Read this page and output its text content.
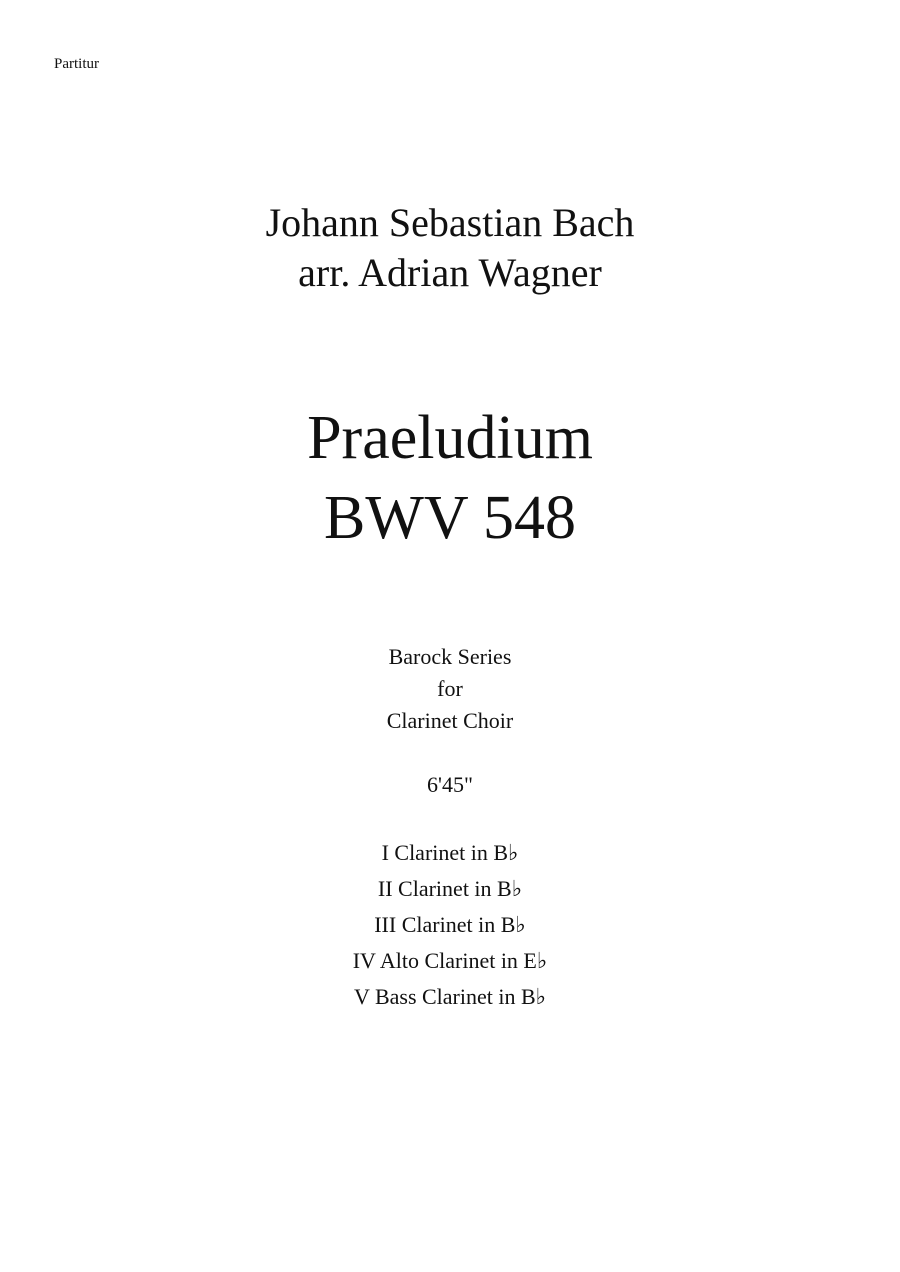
Partitur
Johann Sebastian Bach
arr. Adrian Wagner
Praeludium
BWV 548
Barock Series
for
Clarinet Choir
6'45"
I Clarinet in B♭
II Clarinet in B♭
III Clarinet in B♭
IV Alto Clarinet in E♭
V Bass Clarinet in B♭
